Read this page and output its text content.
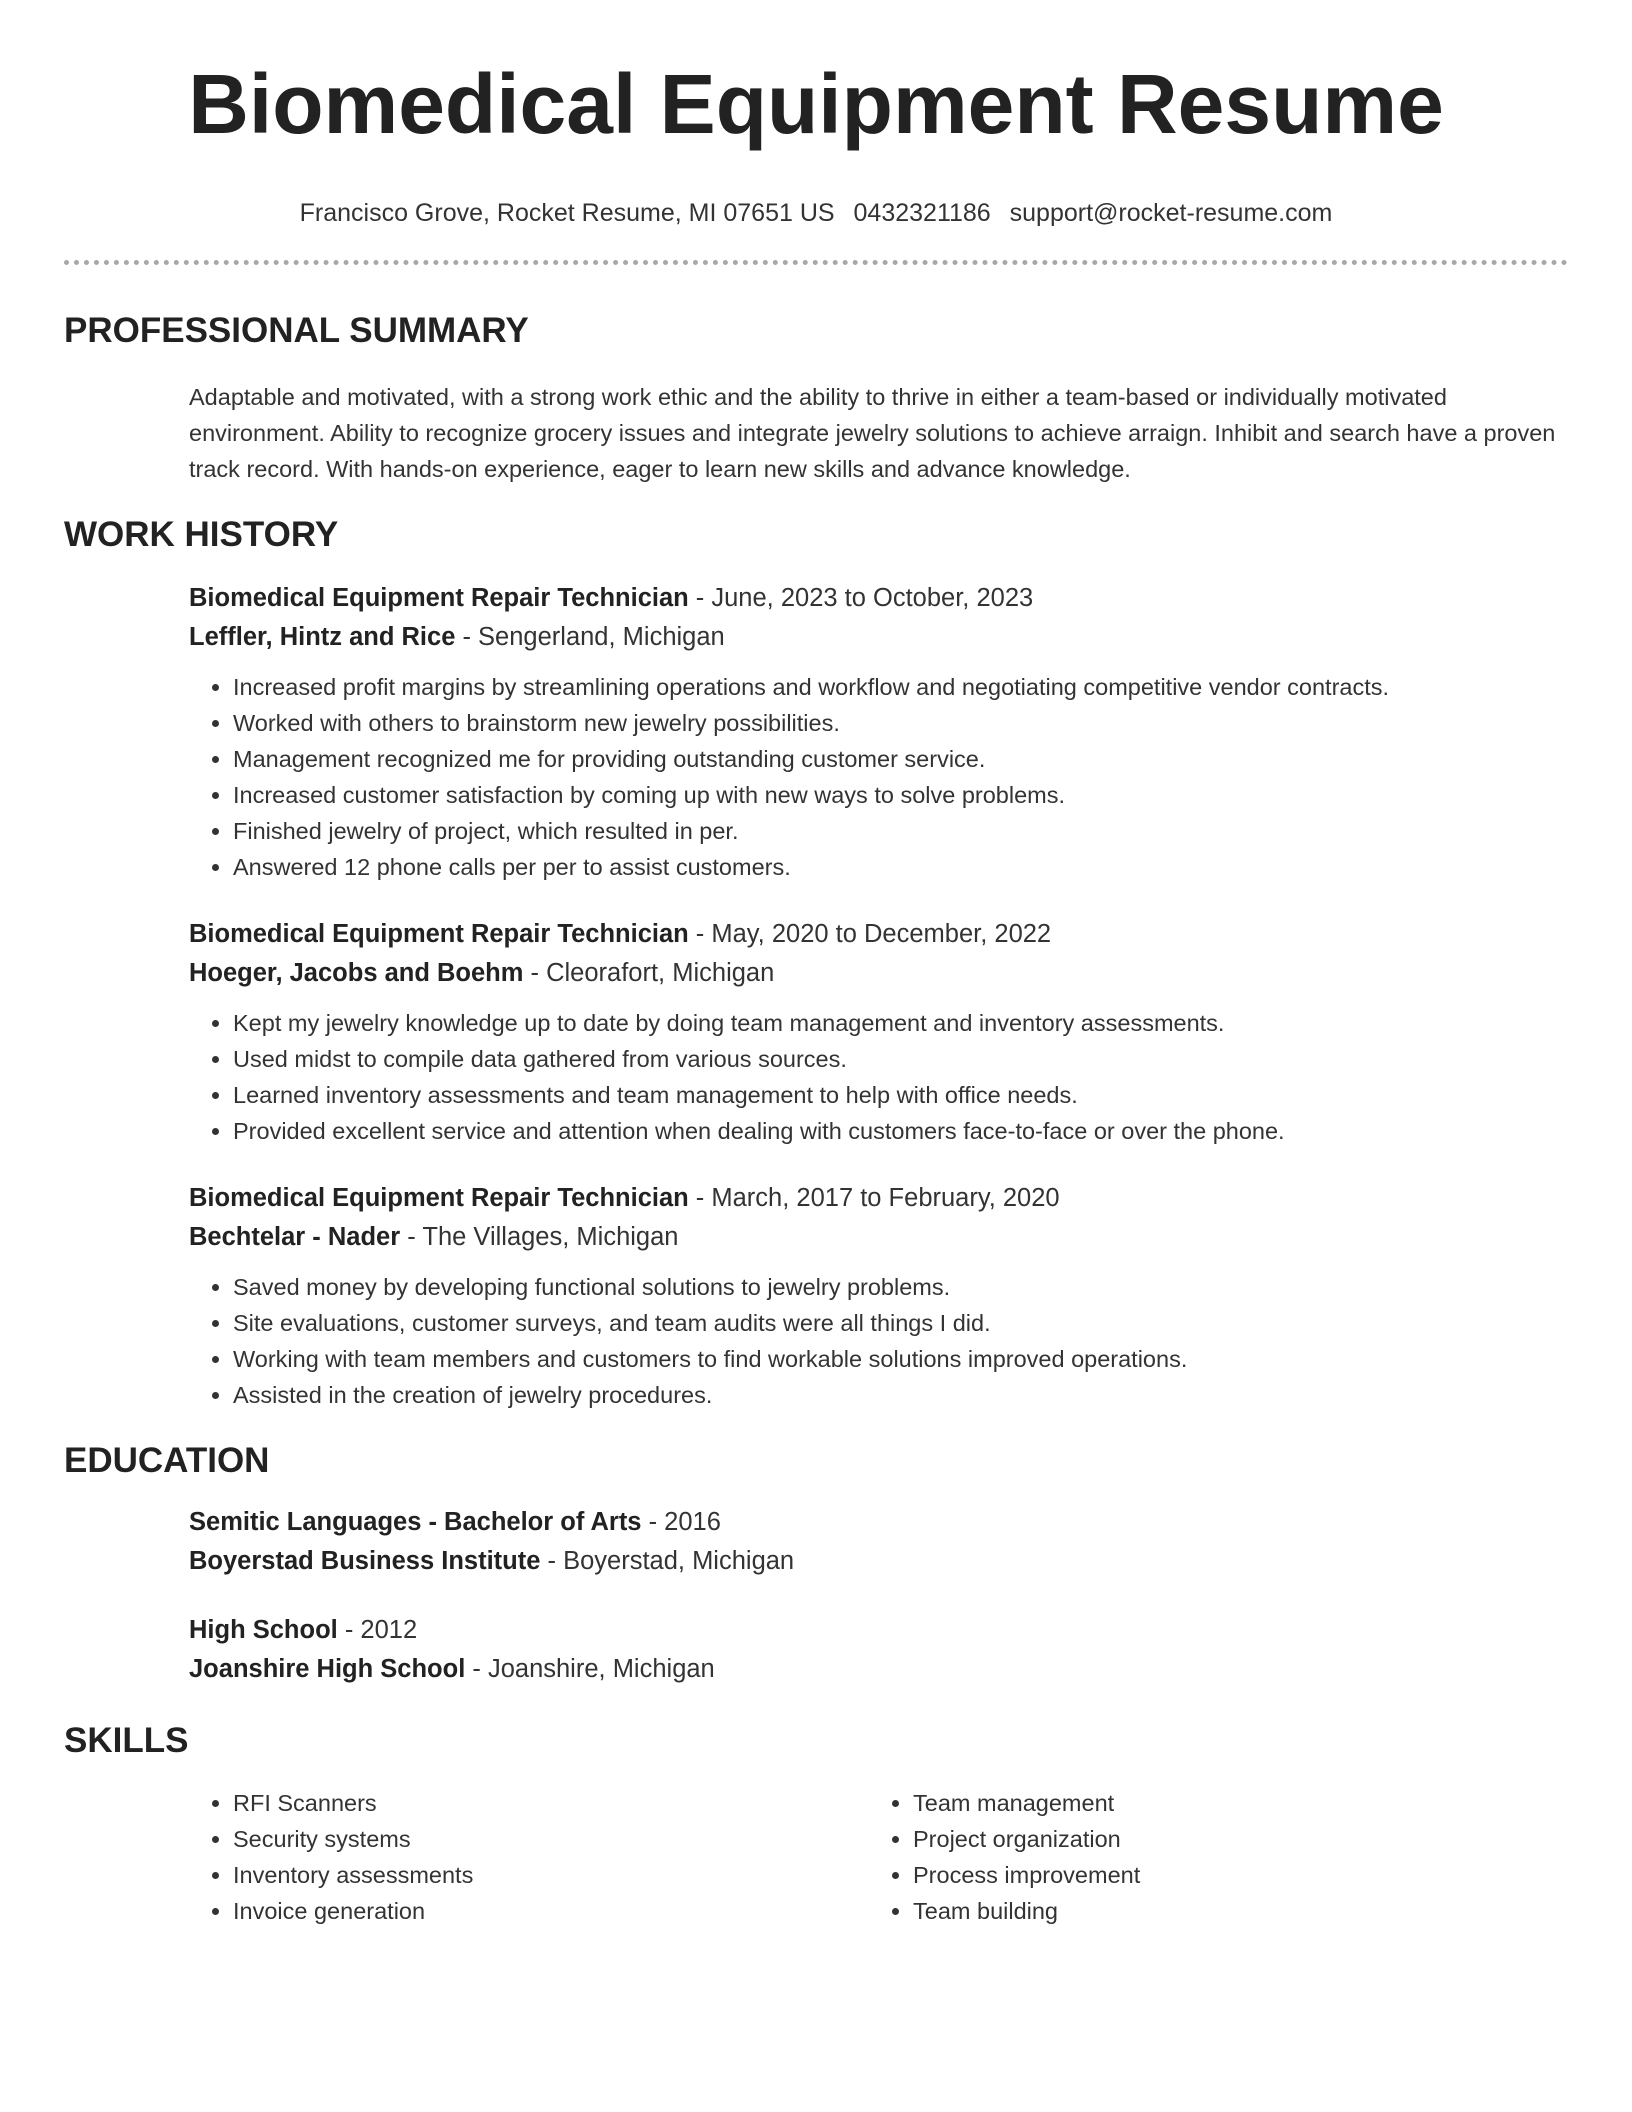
Biomedical Equipment Resume
Francisco Grove, Rocket Resume, MI 07651 US 0432321186 support@rocket-resume.com
PROFESSIONAL SUMMARY

Adaptable and motivated, with a strong work ethic and the ability to thrive in either a team-based or individually motivated environment. Ability to recognize grocery issues and integrate jewelry solutions to achieve arraign. Inhibit and search have a proven track record. With hands-on experience, eager to learn new skills and advance knowledge.

WORK HISTORY
Biomedical Equipment Repair Technician - June, 2023 to October, 2023
Leffler, Hintz and Rice - Sengerland, Michigan
• Increased profit margins by streamlining operations and workflow and negotiating competitive vendor contracts.
• Worked with others to brainstorm new jewelry possibilities.
• Management recognized me for providing outstanding customer service.
• Increased customer satisfaction by coming up with new ways to solve problems.
• Finished jewelry of project, which resulted in per.
• Answered 12 phone calls per per to assist customers.
Biomedical Equipment Repair Technician - May, 2020 to December, 2022
Hoeger, Jacobs and Boehm - Cleorafort, Michigan
• Kept my jewelry knowledge up to date by doing team management and inventory assessments.
• Used midst to compile data gathered from various sources.
• Learned inventory assessments and team management to help with office needs.
• Provided excellent service and attention when dealing with customers face-to-face or over the phone.
Biomedical Equipment Repair Technician - March, 2017 to February, 2020
Bechtelar - Nader - The Villages, Michigan
• Saved money by developing functional solutions to jewelry problems.
• Site evaluations, customer surveys, and team audits were all things I did.
• Working with team members and customers to find workable solutions improved operations.
• Assisted in the creation of jewelry procedures.
EDUCATION
Semitic Languages - Bachelor of Arts - 2016
Boyerstad Business Institute - Boyerstad, Michigan
High School - 2012
Joanshire High School - Joanshire, Michigan
SKILLS
• RFI Scanners
• Security systems
• Inventory assessments
• Invoice generation
• Team management
• Project organization
• Process improvement
• Team building
